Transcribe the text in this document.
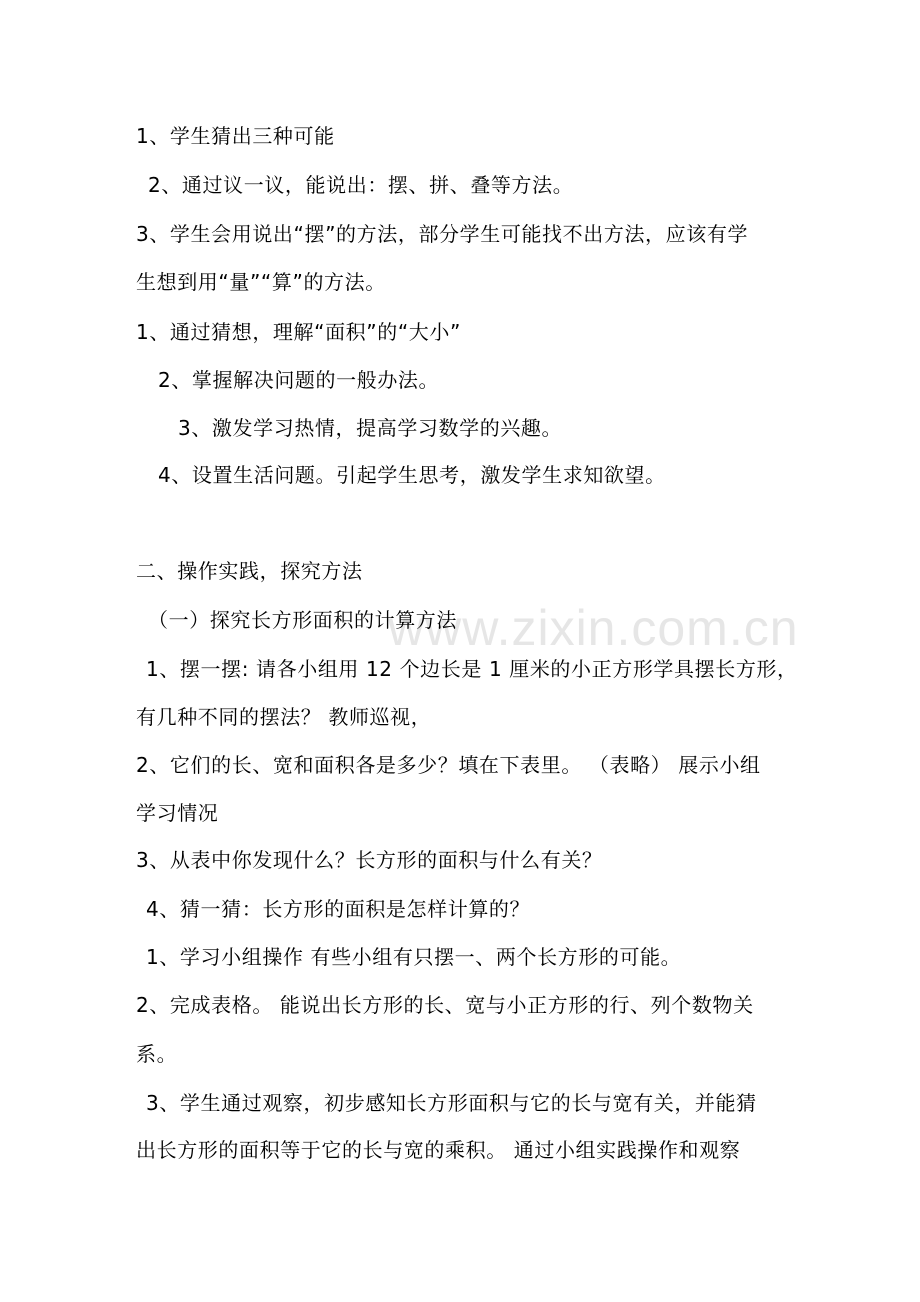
www.zixin.com.cn
1、学生猜出三种可能
2、通过议一议，能说出：摆、拼、叠等方法。
3、学生会用说出“摆”的方法，部分学生可能找不出方法，应该有学
生想到用“量”“算”的方法。
1、通过猜想，理解“面积”的“大小”
2、掌握解决问题的一般办法。
3、激发学习热情，提高学习数学的兴趣。
4、设置生活问题。引起学生思考，激发学生求知欲望。
二、操作实践，探究方法
（一）探究长方形面积的计算方法
1、摆一摆: 请各小组用 12 个边长是 1 厘米的小正方形学具摆长方形，
有几种不同的摆法？ 教师巡视，
2、它们的长、宽和面积各是多少？填在下表里。 （表略） 展示小组
学习情况
3、从表中你发现什么？长方形的面积与什么有关？
4、猜一猜：长方形的面积是怎样计算的？
1、学习小组操作 有些小组有只摆一、两个长方形的可能。
2、完成表格。 能说出长方形的长、宽与小正方形的行、列个数物关
系。
3、学生通过观察，初步感知长方形面积与它的长与宽有关，并能猜
出长方形的面积等于它的长与宽的乘积。 通过小组实践操作和观察
